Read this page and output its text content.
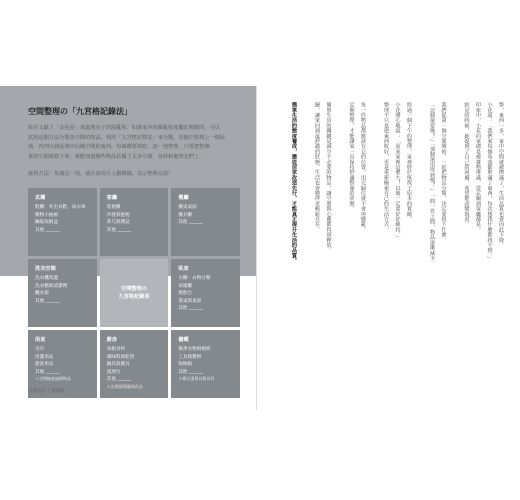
空間整理の「九宮格記錄法」
除在文獻上「金色屋」來處理房子的混亂和，如果家中的雜亂程度屬於輕微的，可以
試用這個方法分類各空間的物品。利用「九宮格記錄法」來分類，每個空格填上一個區
域，再列出該區域中佔據空間的東西，每個都要填寫，逐一地整理，只要把整個
家的空間都寫下來，就能知道哪些物品佔據了太多空間，是時候處理它們了。
使用方法：每滿足一項，就在該項目上劃橫線，表示整理完成！
玄關
鞋櫃：外出衣鞋、雨衣傘
雜物小抽屜
鑰匙收納盒
其他 ______
客廳
電視櫃
沙發與抱枕
茶几與雜誌
其他 ______
餐廳
餐桌桌面
餐具櫃
其他 ______
洗衣空間
洗衣機周邊
洗衣精與清潔劑
曬衣架
其他 ______
空間整理の
九宮格記錄表
臥室
衣櫃：衣物分類
床頭櫃
梳妝台
書桌與桌面
其他 ______
浴室
毛巾
清潔用品
盥洗用具
其他 ______
＊定期檢查過期物品
廚房
冰箱食材
調味料與乾貨
鍋具與餐具
流理台
其他 ______
＊定期清理過期食品
儲藏
換季衣物與棉被
工具與雜物
收納箱
其他 ______
＊標示清楚以便尋找
高鹿設計｜梁國亮
整，東西一多，家中空間就被擠滿了，生活品質也會因此下降。
小花說：「我們家每個角落都堆滿了東西，每次想找什麼都找不到。」
印象中，小花的家總是被雜物堆滿，從玄關到客廳都是。
約見的時候，她提到了自己的困擾，希望能改變現況。
我們從第一個空間開始，一起把物品分類，決定要留下什麼。
「這個還要嗎？」「那個還用得到嗎？」一問一答之間，物品逐漸減少。
經過一個下午的整理，家裡終於恢復了原本的寬敞。
小花開心地說：「原來家裡這麼大！以後一定要好好維持。」
整理不只是把東西收好，更是重新檢視自己的生活方式。
每一件物品都應該有它的位置，用完歸位就不會再變亂。
定期整理，才能讓家一直保持舒適整潔的狀態。
簡單生活的關鍵是減少不必要的物品，讓空間與心靈都得到釋放。
擺，讓家回到最舒適的狀態，生活也會變得更輕鬆自在。
簡單生活的態度養成，應從居家改造先行，才能真正提升生活的品質。
